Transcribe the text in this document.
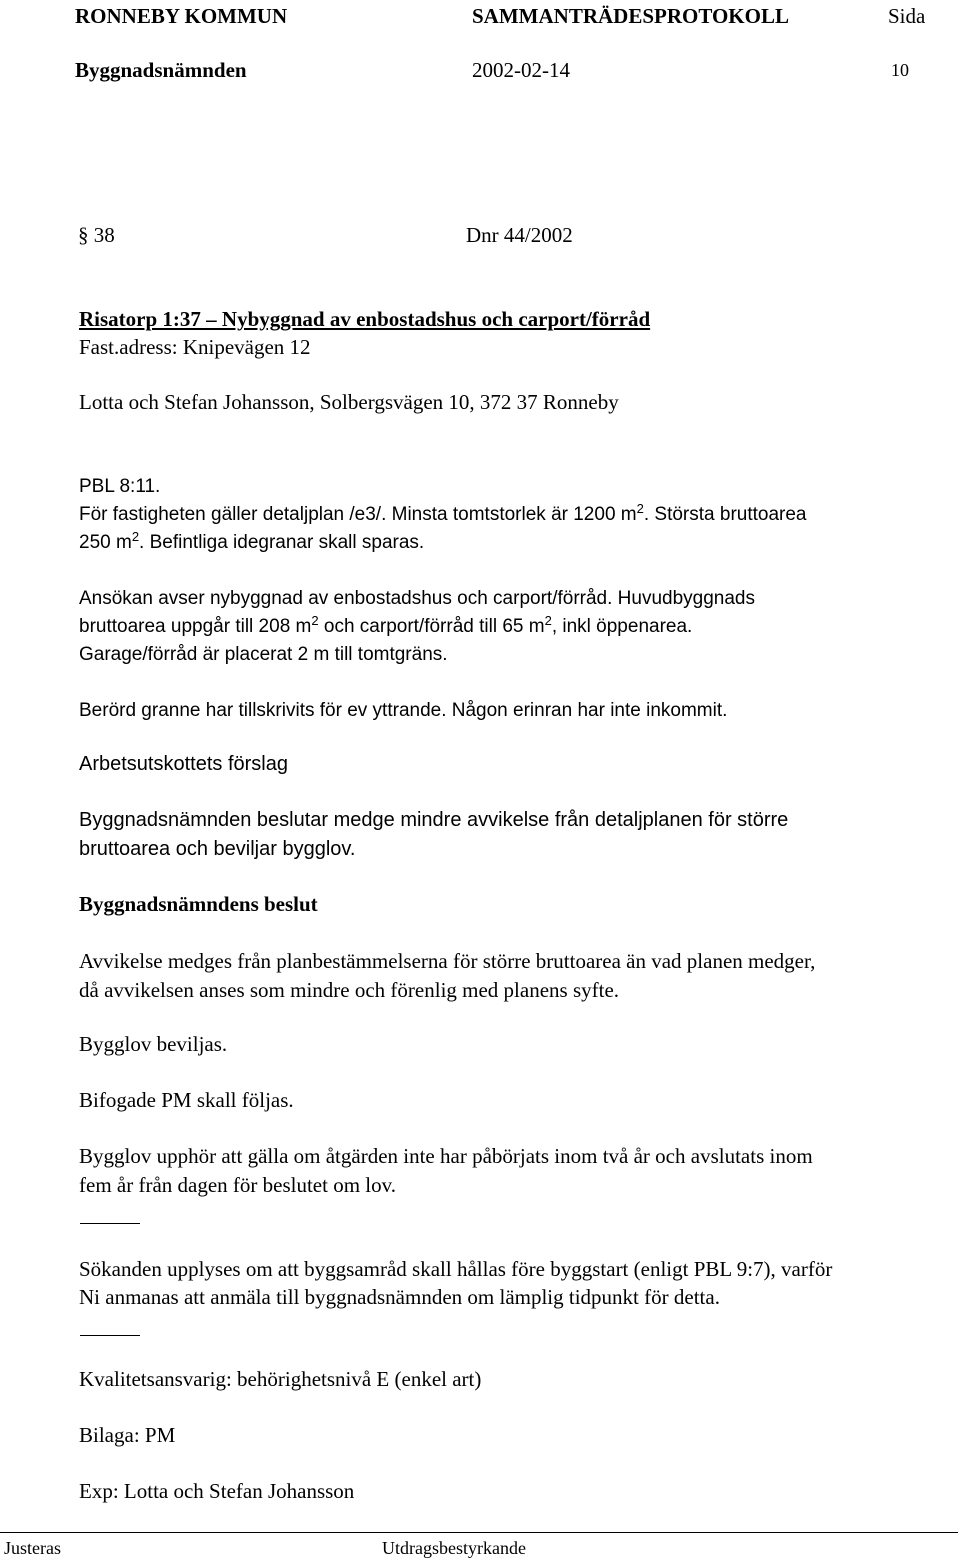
RONNEBY KOMMUN	SAMMANTRÄDESPROTOKOLL	Sida
Byggnadsnämnden	2002-02-14	10
§ 38	Dnr 44/2002
Risatorp 1:37 – Nybyggnad av enbostadshus och carport/förråd
Fast.adress: Knipevägen 12
Lotta och Stefan Johansson, Solbergsvägen 10, 372 37 Ronneby
PBL 8:11.
För fastigheten gäller detaljplan /e3/. Minsta tomtstorlek är 1200 $m^2$. Största bruttoarea
250 $m^2$. Befintliga idegranar skall sparas.
Ansökan avser nybyggnad av enbostadshus och carport/förråd. Huvudbyggnads
bruttoarea uppgår till 208 $m^2$ och carport/förråd till 65 $m^2$, inkl öppenarea.
Garage/förråd är placerat 2 m till tomtgräns.
Berörd granne har tillskrivits för ev yttrande. Någon erinran har inte inkommit.
Arbetsutskottets förslag
Byggnadsnämnden beslutar medge mindre avvikelse från detaljplanen för större
bruttoarea och beviljar bygglov.
Byggnadsnämndens beslut
Avvikelse medges från planbestämmelserna för större bruttoarea än vad planen medger,
då avvikelsen anses som mindre och förenlig med planens syfte.
Bygglov beviljas.
Bifogade PM skall följas.
Bygglov upphör att gälla om åtgärden inte har påbörjats inom två år och avslutats inom
fem år från dagen för beslutet om lov.
Sökanden upplyses om att byggsamråd skall hållas före byggstart (enligt PBL 9:7), varför
Ni anmanas att anmäla till byggnadsnämnden om lämplig tidpunkt för detta.
Kvalitetsansvarig: behörighetsnivå E (enkel art)
Bilaga: PM
Exp: Lotta och Stefan Johansson
Justeras	Utdragsbestyrkande
